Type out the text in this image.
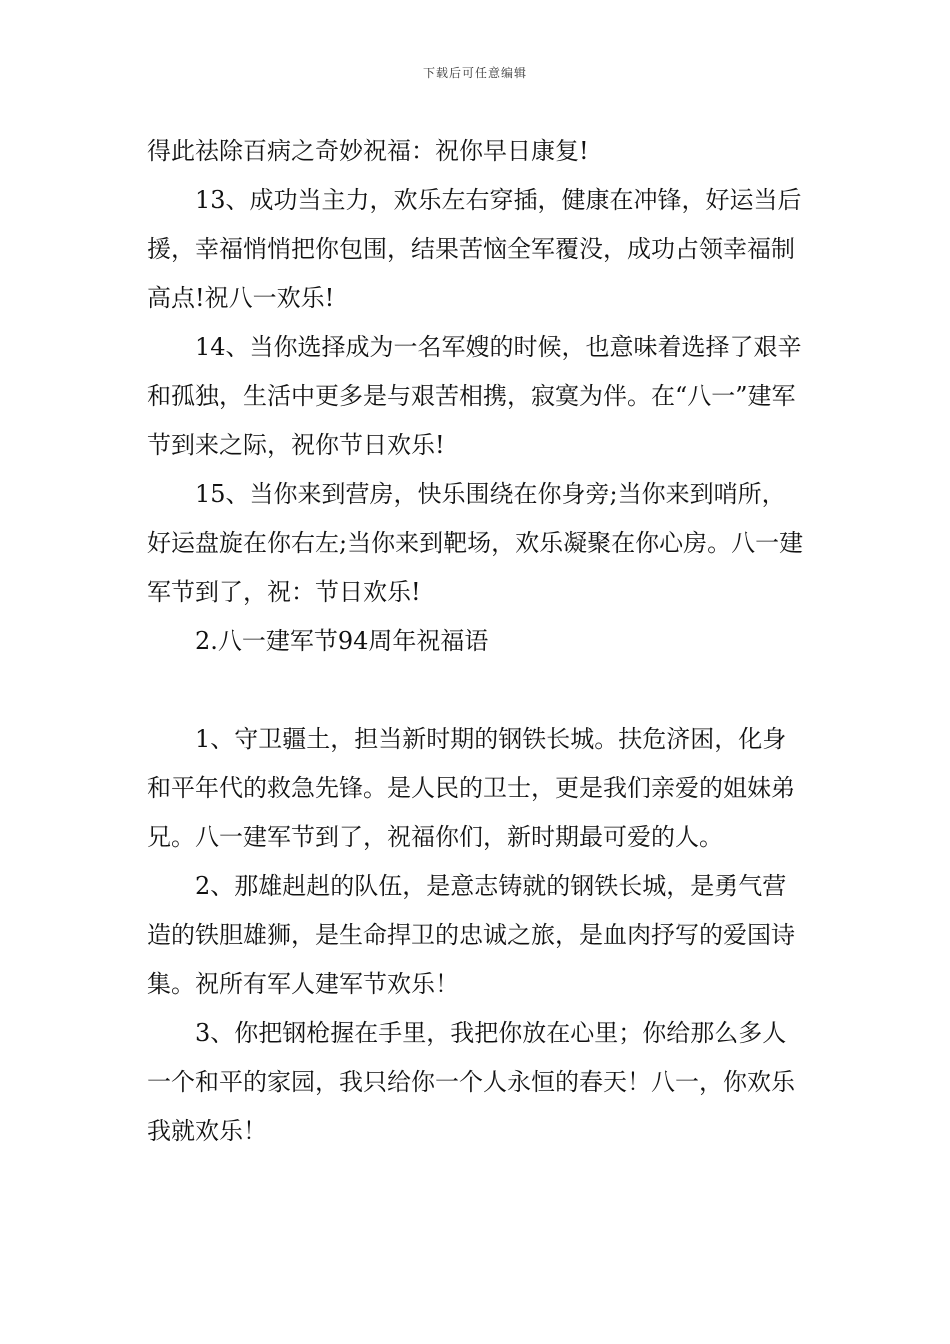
下载后可任意编辑

得此祛除百病之奇妙祝福：祝你早日康复!

13、成功当主力，欢乐左右穿插，健康在冲锋，好运当后援，幸福悄悄把你包围，结果苦恼全军覆没，成功占领幸福制高点!祝八一欢乐!

14、当你选择成为一名军嫂的时候，也意味着选择了艰辛和孤独，生活中更多是与艰苦相携，寂寞为伴。在“八一”建军节到来之际，祝你节日欢乐!

15、当你来到营房，快乐围绕在你身旁;当你来到哨所，好运盘旋在你右左;当你来到靶场，欢乐凝聚在你心房。八一建军节到了，祝：节日欢乐!

2.八一建军节94周年祝福语

1、守卫疆土，担当新时期的钢铁长城。扶危济困，化身和平年代的救急先锋。是人民的卫士，更是我们亲爱的姐妹弟兄。八一建军节到了，祝福你们，新时期最可爱的人。

2、那雄赳赳的队伍，是意志铸就的钢铁长城，是勇气营造的铁胆雄狮，是生命捍卫的忠诚之旅，是血肉抒写的爱国诗集。祝所有军人建军节欢乐！

3、你把钢枪握在手里，我把你放在心里；你给那么多人一个和平的家园，我只给你一个人永恒的春天！八一，你欢乐我就欢乐！
